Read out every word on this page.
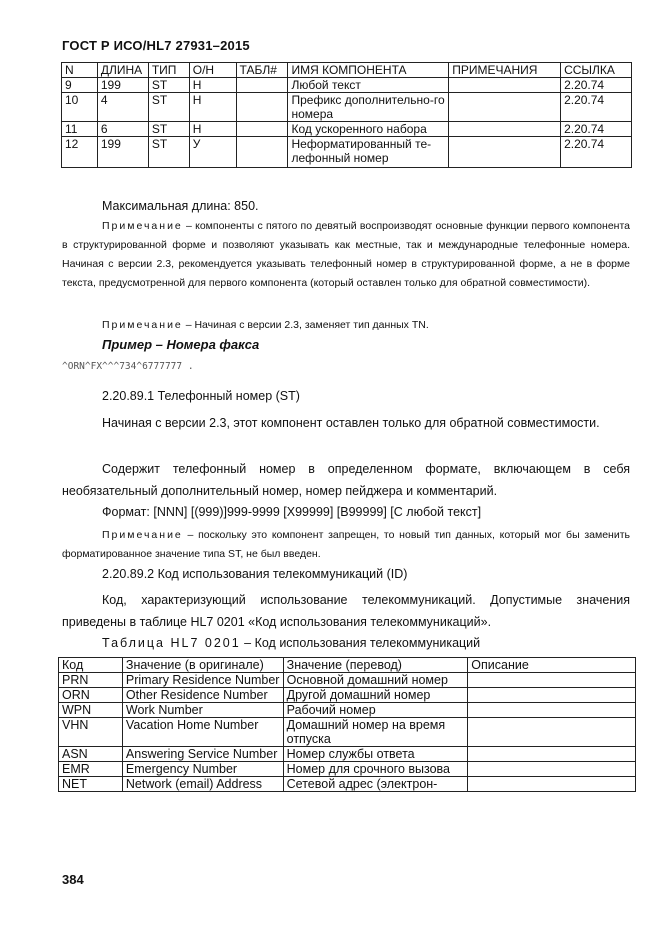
ГОСТ Р ИСО/HL7 27931–2015
N	ДЛИНА	ТИП	О/Н	ТАБЛ#	ИМЯ КОМПОНЕНТА	ПРИМЕЧАНИЯ	ССЫЛКА
9	199	ST	Н		Любой текст		2.20.74
10	4	ST	Н		Префикс дополнительно-го номера		2.20.74
11	6	ST	Н		Код ускоренного набора		2.20.74
12	199	ST	У		Неформатированный те-лефонный номер		2.20.74
Максимальная длина: 850.
Примечание – компоненты с пятого по девятый воспроизводят основные функции первого компонента в структурированной форме и позволяют указывать как местные, так и международные телефонные номера. Начиная с версии 2.3, рекомендуется указывать телефонный номер в структурированной форме, а не в форме текста, предусмотренной для первого компонента (который оставлен только для обратной совместимости).
Примечание – Начиная с версии 2.3, заменяет тип данных TN.
Пример – Номера факса
^ORN^FX^^^734^6777777 .
2.20.89.1 Телефонный номер (ST)
Начиная с версии 2.3, этот компонент оставлен только для обратной совместимости.
Содержит телефонный номер в определенном формате, включающем в себя необязательный дополнительный номер, номер пейджера и комментарий.
Формат: [NNN] [(999)]999-9999 [X99999] [B99999] [С любой текст]
Примечание – поскольку это компонент запрещен, то новый тип данных, который мог бы заменить форматированное значение типа ST, не был введен.
2.20.89.2 Код использования телекоммуникаций (ID)
Код, характеризующий использование телекоммуникаций. Допустимые значения приведены в таблице HL7 0201 «Код использования телекоммуникаций».
Таблица HL7 0201 – Код использования телекоммуникаций
Код	Значение (в оригинале)	Значение (перевод)	Описание
PRN	Primary Residence Number	Основной домашний номер	
ORN	Other Residence Number	Другой домашний номер	
WPN	Work Number	Рабочий номер	
VHN	Vacation Home Number	Домашний номер на время отпуска	
ASN	Answering Service Number	Номер службы ответа	
EMR	Emergency Number	Номер для срочного вызова	
NET	Network (email) Address	Сетевой адрес (электрон-	
384
